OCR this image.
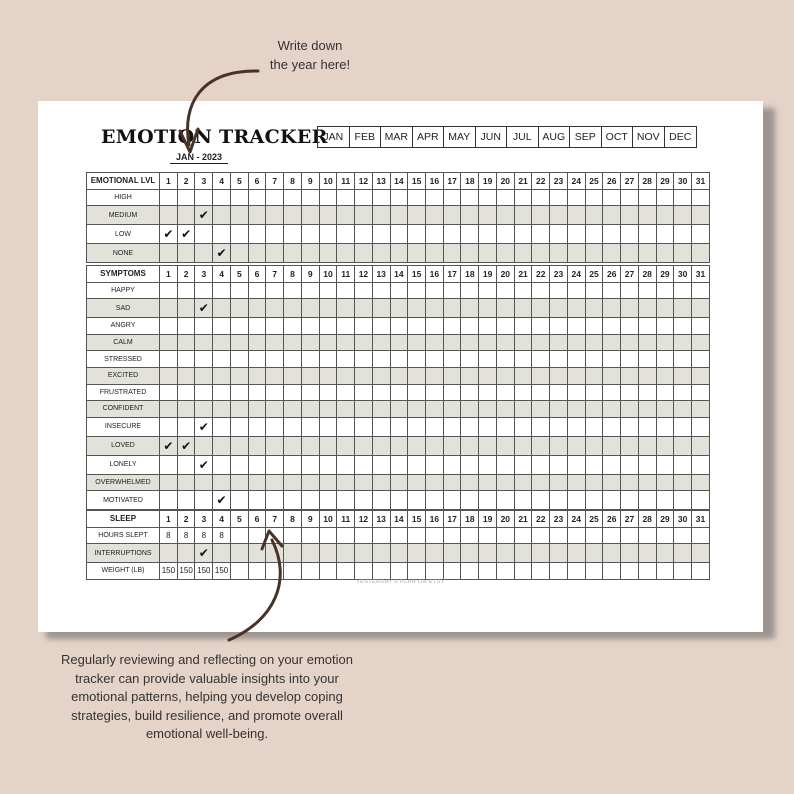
Write down
the year here!
EMOTION TRACKER
JAN - 2023
JAN	FEB MAR APR MAY JUN	JUL	AUG SEP OCT NOV DEC
EMOTIONAL LVL	1	2	3	4	5	6	7	8	9	10	11	12	13	14	15	16	17	18	19	20	21	22	23	24	25	26	27	28	29	30	31
HIGH																															
MEDIUM			✔																												
LOW	✔	✔																													
NONE				✔																											
SYMPTOMS	1	2	3	4	5	6	7	8	9	10	11	12	13	14	15	16	17	18	19	20	21	22	23	24	25	26	27	28	29	30	31
HAPPY																															
SAD			✔																												
ANGRY																															
CALM																															
STRESSED																															
EXCITED																															
FRUSTRATED																															
CONFIDENT																															
INSECURE			✔																												
LOVED	✔	✔																													
LONELY			✔																												
OVERWHELMED																															
MOTIVATED				✔																											
SLEEP	1	2	3	4	5	6	7	8	9	10	11	12	13	14	15	16	17	18	19	20	21	22	23	24	25	26	27	28	29	30	31
HOURS SLEPT	8	8	8	8																											
INTERRUPTIONS			✔																												
WEIGHT (LB)	150	150	150	150																											
YESTERDAY'S PLAN ON ETSY
Regularly reviewing and reflecting on your emotion tracker can provide valuable insights into your emotional patterns, helping you develop coping strategies, build resilience, and promote overall emotional well-being.
